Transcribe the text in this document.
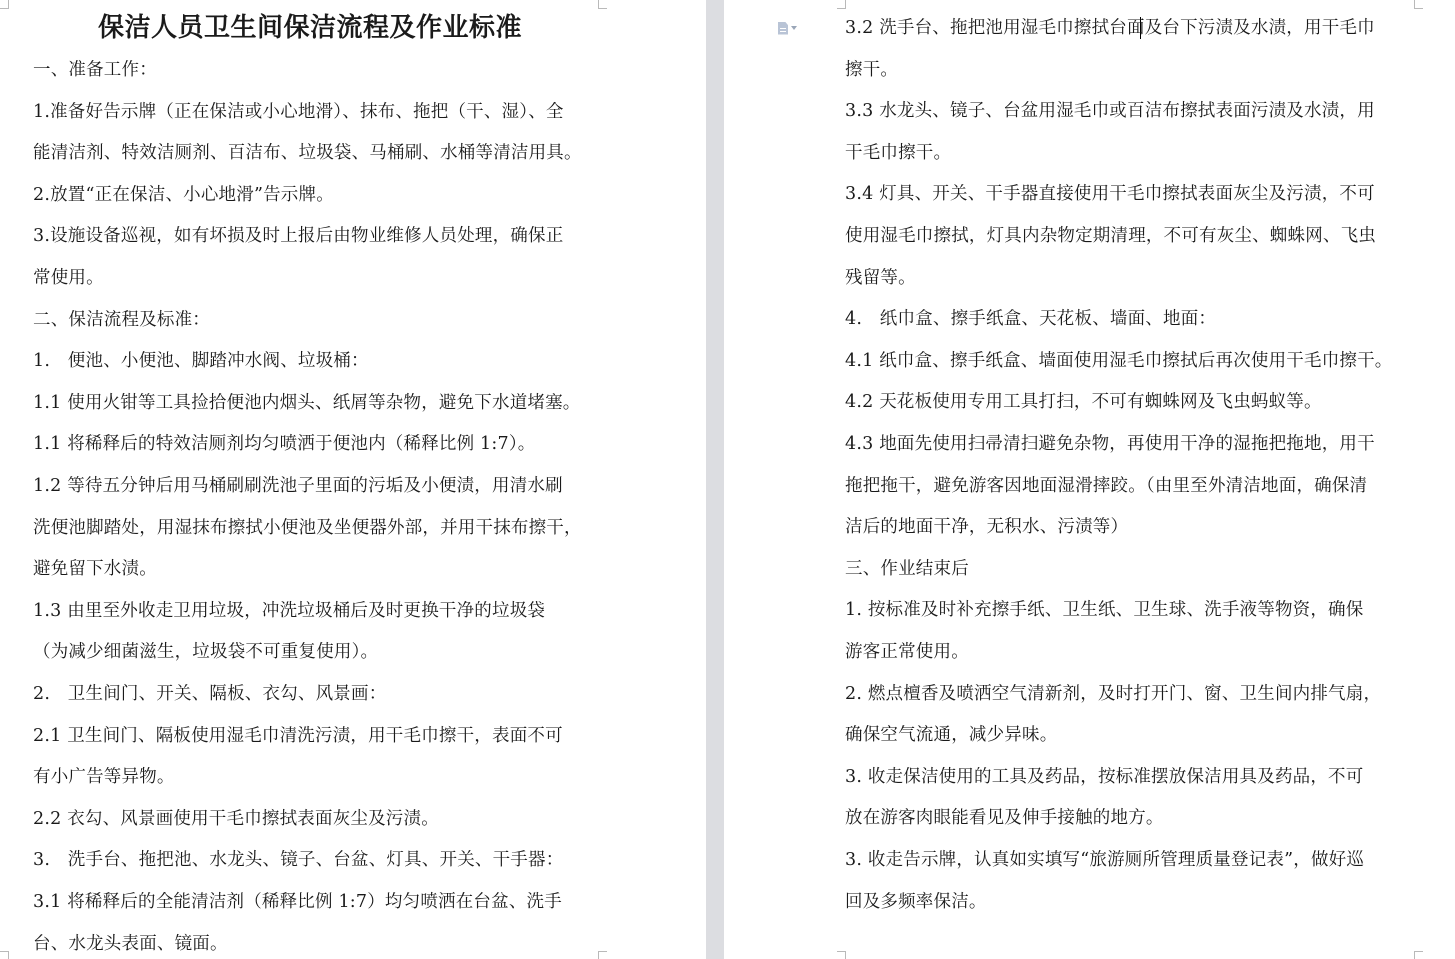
保洁人员卫生间保洁流程及作业标准
一、准备工作：
1.准备好告示牌（正在保洁或小心地滑）、抹布、拖把（干、湿）、全
能清洁剂、特效洁厕剂、百洁布、垃圾袋、马桶刷、水桶等清洁用具。
2.放置“正在保洁、小心地滑”告示牌。
3.设施设备巡视，如有坏损及时上报后由物业维修人员处理，确保正
常使用。
二、保洁流程及标准：
1.　便池、小便池、脚踏冲水阀、垃圾桶：
1.1 使用火钳等工具捡拾便池内烟头、纸屑等杂物，避免下水道堵塞。
1.1 将稀释后的特效洁厕剂均匀喷洒于便池内（稀释比例 1:7）。
1.2 等待五分钟后用马桶刷刷洗池子里面的污垢及小便渍，用清水刷
洗便池脚踏处，用湿抹布擦拭小便池及坐便器外部，并用干抹布擦干，
避免留下水渍。
1.3 由里至外收走卫用垃圾，冲洗垃圾桶后及时更换干净的垃圾袋
（为减少细菌滋生，垃圾袋不可重复使用）。
2.　卫生间门、开关、隔板、衣勾、风景画：
2.1 卫生间门、隔板使用湿毛巾清洗污渍，用干毛巾擦干，表面不可
有小广告等异物。
2.2 衣勾、风景画使用干毛巾擦拭表面灰尘及污渍。
3.　洗手台、拖把池、水龙头、镜子、台盆、灯具、开关、干手器：
3.1 将稀释后的全能清洁剂（稀释比例 1:7）均匀喷洒在台盆、洗手
台、水龙头表面、镜面。
3.2 洗手台、拖把池用湿毛巾擦拭台面及台下污渍及水渍，用干毛巾
擦干。
3.3 水龙头、镜子、台盆用湿毛巾或百洁布擦拭表面污渍及水渍，用
干毛巾擦干。
3.4 灯具、开关、干手器直接使用干毛巾擦拭表面灰尘及污渍，不可
使用湿毛巾擦拭，灯具内杂物定期清理，不可有灰尘、蜘蛛网、飞虫
残留等。
4.　纸巾盒、擦手纸盒、天花板、墙面、地面：
4.1 纸巾盒、擦手纸盒、墙面使用湿毛巾擦拭后再次使用干毛巾擦干。
4.2 天花板使用专用工具打扫，不可有蜘蛛网及飞虫蚂蚁等。
4.3 地面先使用扫帚清扫避免杂物，再使用干净的湿拖把拖地，用干
拖把拖干，避免游客因地面湿滑摔跤。（由里至外清洁地面，确保清
洁后的地面干净，无积水、污渍等）
三、作业结束后
1. 按标准及时补充擦手纸、卫生纸、卫生球、洗手液等物资，确保
游客正常使用。
2. 燃点檀香及喷洒空气清新剂，及时打开门、窗、卫生间内排气扇，
确保空气流通，减少异味。
3. 收走保洁使用的工具及药品，按标准摆放保洁用具及药品，不可
放在游客肉眼能看见及伸手接触的地方。
3. 收走告示牌，认真如实填写“旅游厕所管理质量登记表”，做好巡
回及多频率保洁。
